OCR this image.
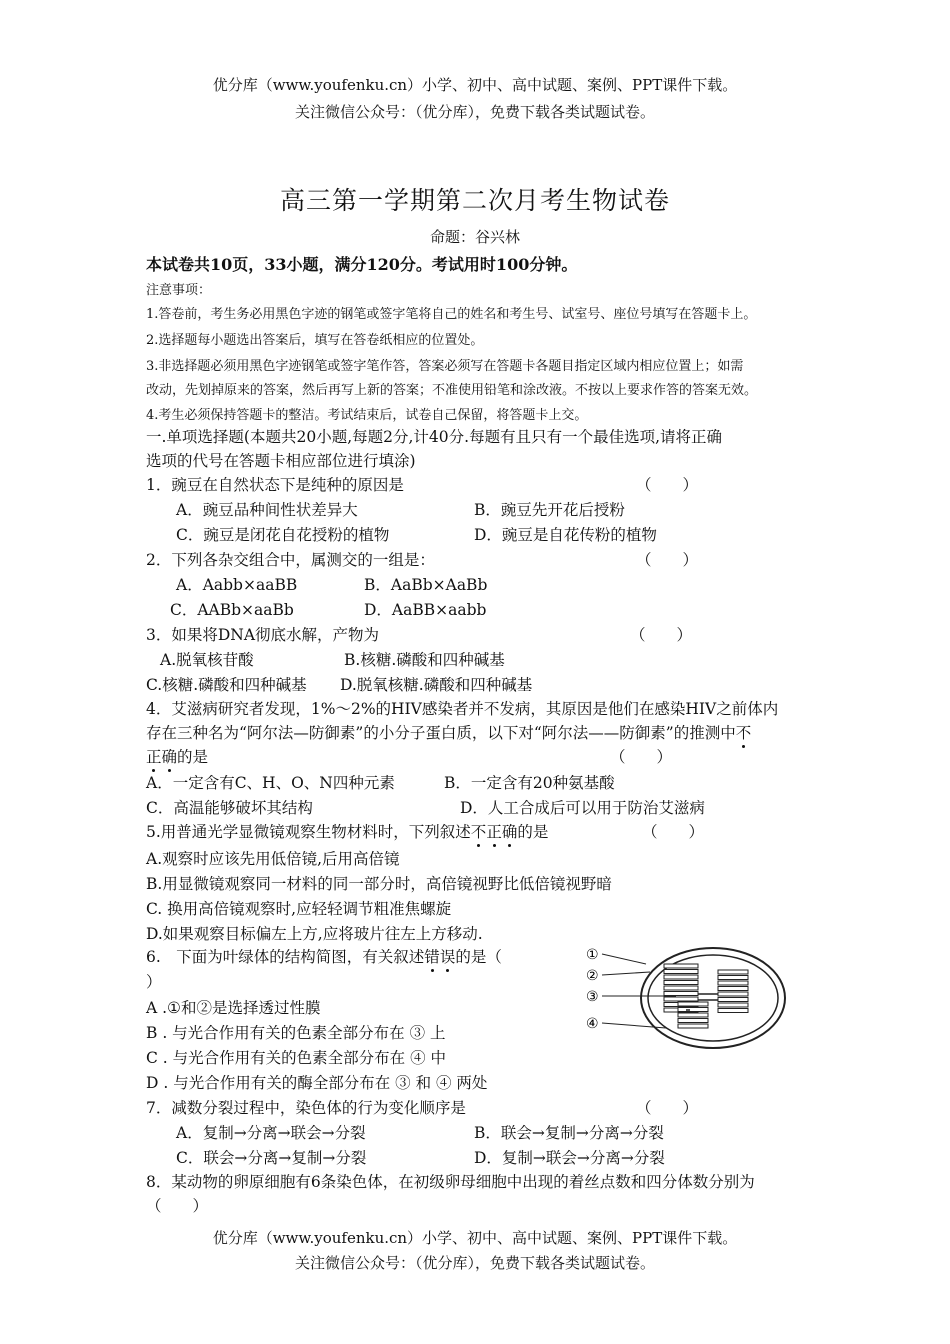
优分库（www.youfenku.cn）小学、初中、高中试题、案例、PPT课件下载。
关注微信公众号：（优分库），免费下载各类试题试卷。
高三第一学期第二次月考生物试卷
命题：谷兴林
本试卷共10页，33小题，满分120分。考试用时100分钟。
注意事项：
1.答卷前，考生务必用黑色字迹的钢笔或签字笔将自己的姓名和考生号、试室号、座位号填写在答题卡上。
2.选择题每小题选出答案后，填写在答卷纸相应的位置处。
3.非选择题必须用黑色字迹钢笔或签字笔作答，答案必须写在答题卡各题目指定区域内相应位置上；如需
改动，先划掉原来的答案，然后再写上新的答案；不准使用铅笔和涂改液。不按以上要求作答的答案无效。
4.考生必须保持答题卡的整洁。考试结束后，试卷自己保留，将答题卡上交。
一.单项选择题(本题共20小题,每题2分,计40分.每题有且只有一个最佳选项,请将正确
选项的代号在答题卡相应部位进行填涂)
1．豌豆在自然状态下是纯种的原因是	（　　）
A．豌豆品种间性状差异大	B．豌豆先开花后授粉
C．豌豆是闭花自花授粉的植物	D．豌豆是自花传粉的植物
2．下列各杂交组合中，属测交的一组是：	（　　）
A．Aabb×aaBB	B．AaBb×AaBb
C．AABb×aaBb	D．AaBB×aabb
3．如果将DNA彻底水解，产物为	（　　）
A.脱氧核苷酸	B.核糖.磷酸和四种碱基
C.核糖.磷酸和四种碱基 D.脱氧核糖.磷酸和四种碱基
4．艾滋病研究者发现，1%～2%的HIV感染者并不发病，其原因是他们在感染HIV之前体内
存在三种名为“阿尔法—防御素”的小分子蛋白质，以下对“阿尔法——防御素”的推测中不
正确的是	（　　）
A．一定含有C、H、O、N四种元素	B．一定含有20种氨基酸
C．高温能够破坏其结构	D．人工合成后可以用于防治艾滋病
5.用普通光学显微镜观察生物材料时，下列叙述不正确的是	（　　）
A.观察时应该先用低倍镜,后用高倍镜
B.用显微镜观察同一材料的同一部分时，高倍镜视野比低倍镜视野暗
C. 换用高倍镜观察时,应轻轻调节粗准焦螺旋
D.如果观察目标偏左上方,应将玻片往左上方移动.
6.　下面为叶绿体的结构简图，有关叙述错误的是（
）
A .①和②是选择透过性膜
B . 与光合作用有关的色素全部分布在 ③ 上
C . 与光合作用有关的色素全部分布在 ④ 中
D . 与光合作用有关的酶全部分布在 ③ 和 ④ 两处
①
②
③
④
7．减数分裂过程中，染色体的行为变化顺序是	（　　）
A．复制→分离→联会→分裂	B．联会→复制→分离→分裂
C．联会→分离→复制→分裂	D．复制→联会→分离→分裂
8．某动物的卵原细胞有6条染色体，在初级卵母细胞中出现的着丝点数和四分体数分别为
（　　）
优分库（www.youfenku.cn）小学、初中、高中试题、案例、PPT课件下载。
关注微信公众号：（优分库），免费下载各类试题试卷。
